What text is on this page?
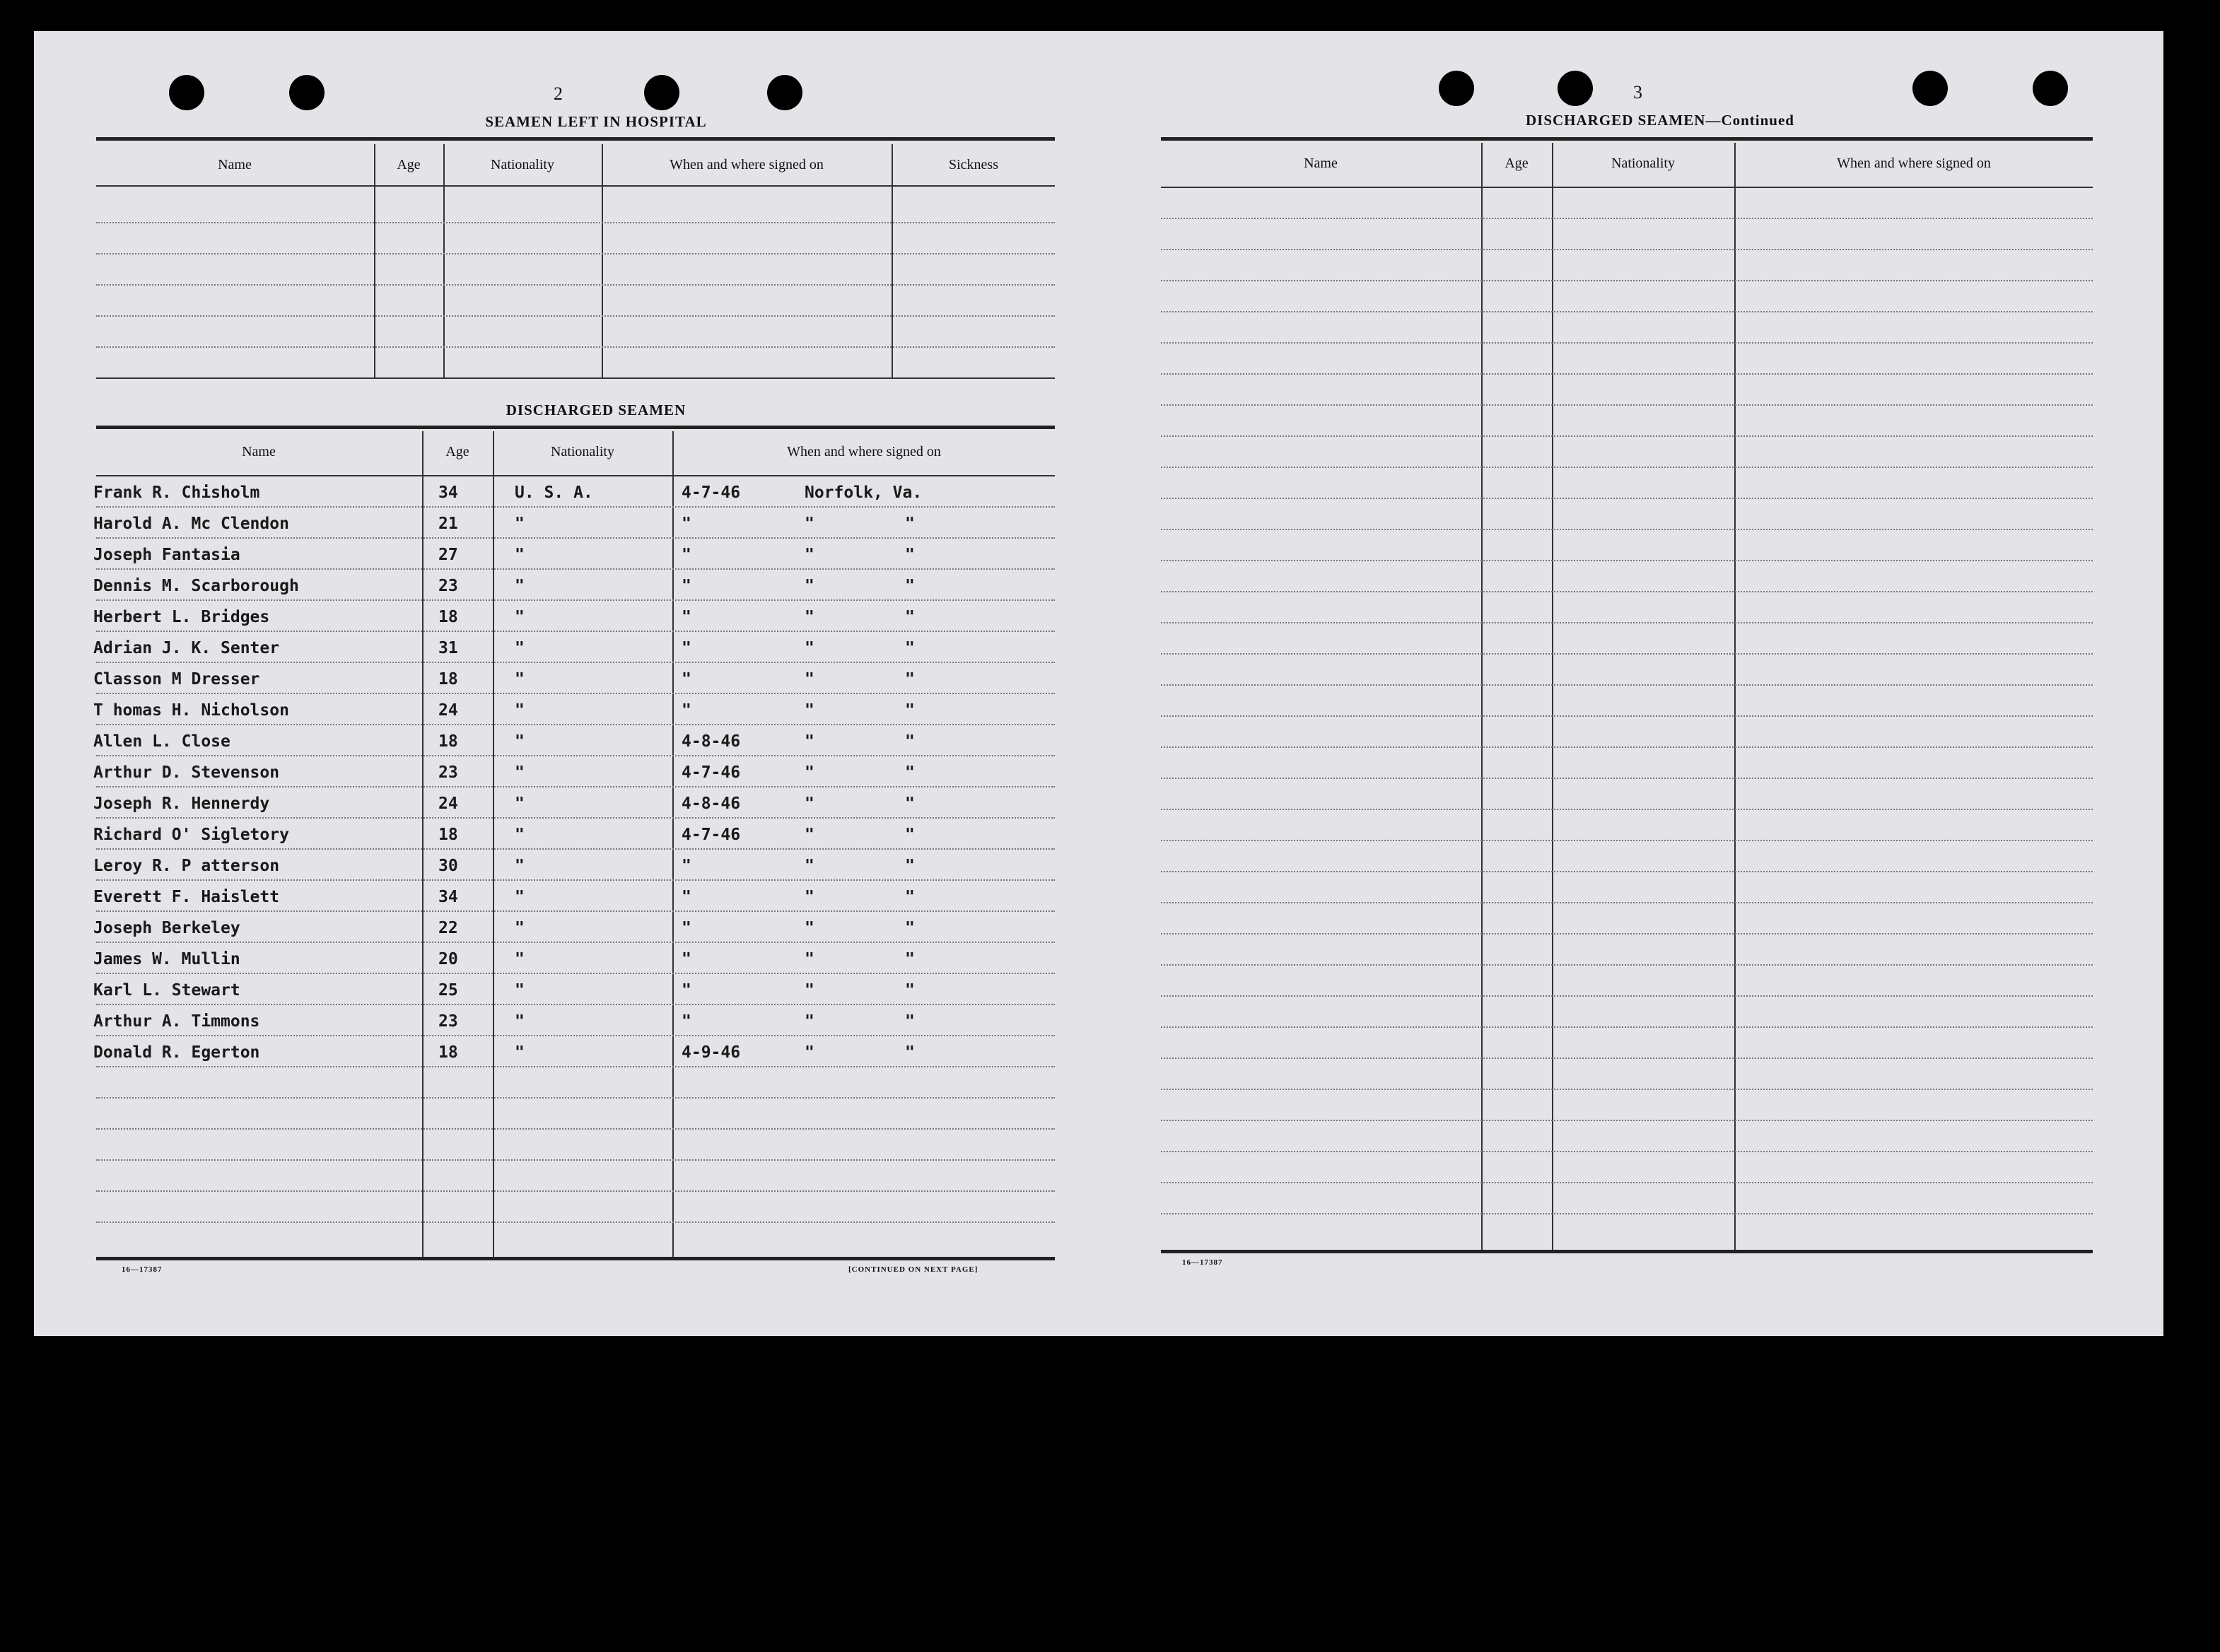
2
SEAMEN LEFT IN HOSPITAL
Name	Age	Nationality	When and where signed on	Sickness
DISCHARGED SEAMEN
Name	Age	Nationality	When and where signed on
Frank R. Chisholm	34	U. S. A.	4-7-46	Norfolk, Va.
Harold A. Mc Clendon	21	"	"	"	"
Joseph Fantasia	27	"	"	"	"
Dennis M. Scarborough	23	"	"	"	"
Herbert L. Bridges	18	"	"	"	"
Adrian J. K. Senter	31	"	"	"	"
Classon M Dresser	18	"	"	"	"
T homas H. Nicholson	24	"	"	"	"
Allen L. Close	18	"	4-8-46	"	"
Arthur D. Stevenson	23	"	4-7-46	"	"
Joseph R. Hennerdy	24	"	4-8-46	"	"
Richard O' Sigletory	18	"	4-7-46	"	"
Leroy R. P atterson	30	"	"	"	"
Everett F. Haislett	34	"	"	"	"
Joseph Berkeley	22	"	"	"	"
James W. Mullin	20	"	"	"	"
Karl L. Stewart	25	"	"	"	"
Arthur A. Timmons	23	"	"	"	"
Donald R. Egerton	18	"	4-9-46	"	"
16—17387	[CONTINUED ON NEXT PAGE]
3
DISCHARGED SEAMEN—Continued
Name	Age	Nationality	When and where signed on
16—17387
